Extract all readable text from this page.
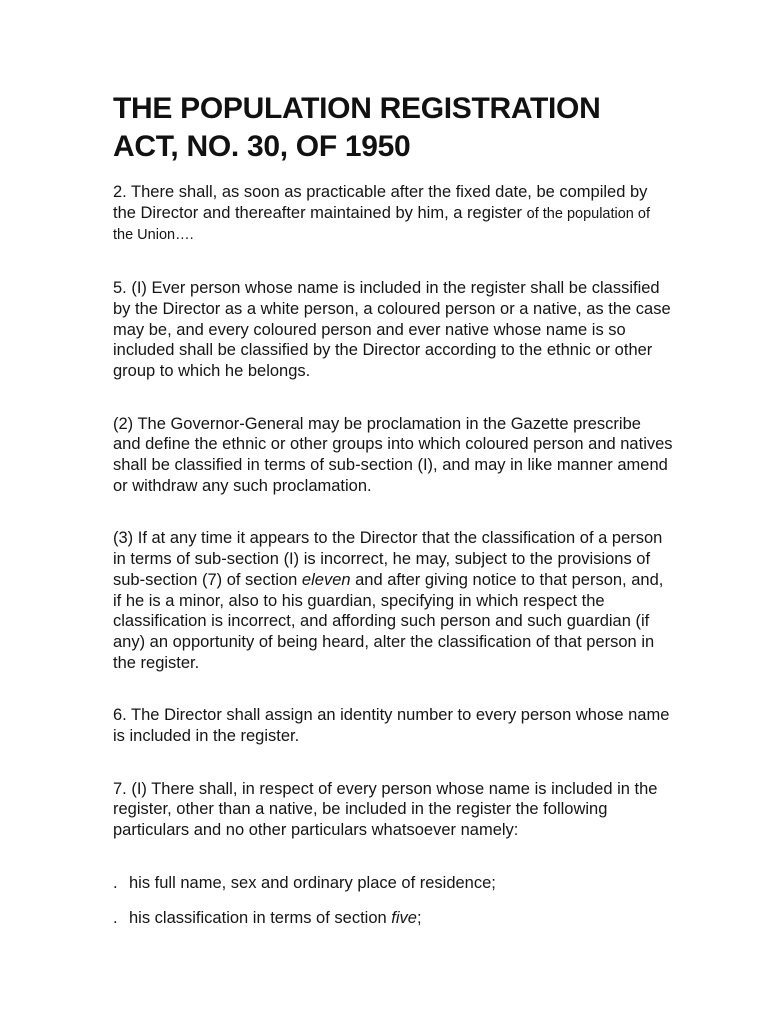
THE POPULATION REGISTRATION
ACT, NO. 30, OF 1950

2. There shall, as soon as practicable after the fixed date, be compiled by the Director and thereafter maintained by him, a register of the population of the Union….

5. (I) Ever person whose name is included in the register shall be classified by the Director as a white person, a coloured person or a native, as the case may be, and every coloured person and ever native whose name is so included shall be classified by the Director according to the ethnic or other group to which he belongs.

(2) The Governor-General may be proclamation in the Gazette prescribe and define the ethnic or other groups into which coloured person and natives shall be classified in terms of sub-section (I), and may in like manner amend or withdraw any such proclamation.

(3) If at any time it appears to the Director that the classification of a person in terms of sub-section (I) is incorrect, he may, subject to the provisions of sub-section (7) of section eleven and after giving notice to that person, and, if he is a minor, also to his guardian, specifying in which respect the classification is incorrect, and affording such person and such guardian (if any) an opportunity of being heard, alter the classification of that person in the register.

6. The Director shall assign an identity number to every person whose name is included in the register.

7. (I) There shall, in respect of every person whose name is included in the register, other than a native, be included in the register the following particulars and no other particulars whatsoever namely:

. his full name, sex and ordinary place of residence;
. his classification in terms of section five;
